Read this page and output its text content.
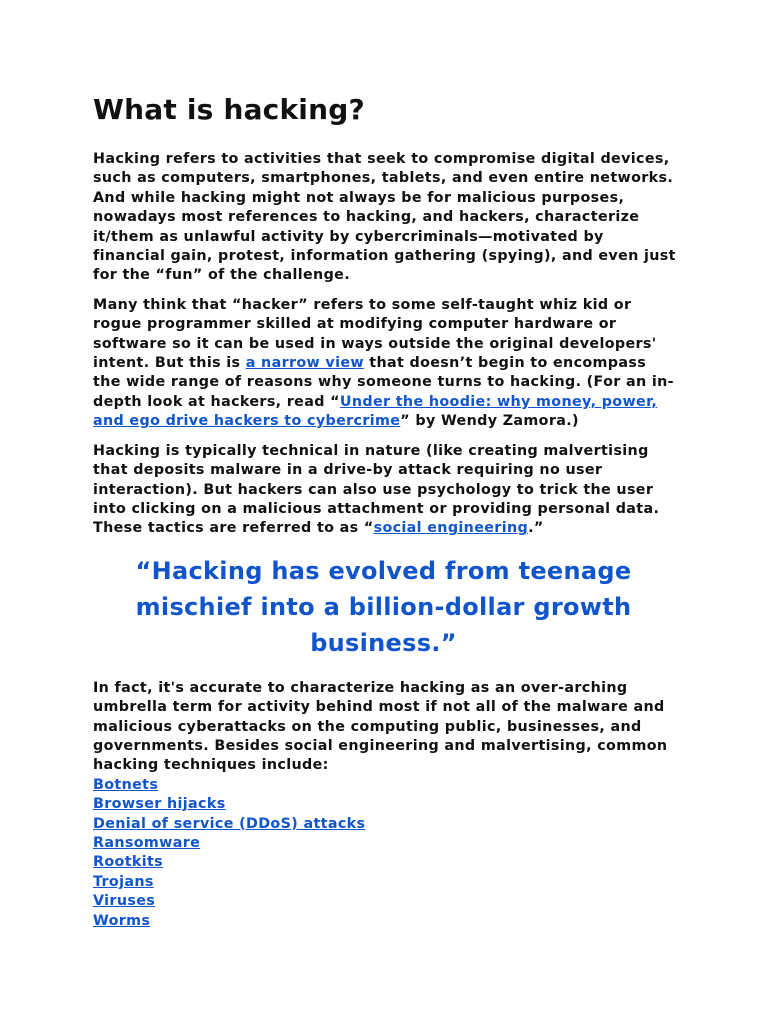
What is hacking?

Hacking refers to activities that seek to compromise digital devices, such as computers, smartphones, tablets, and even entire networks. And while hacking might not always be for malicious purposes, nowadays most references to hacking, and hackers, characterize it/them as unlawful activity by cybercriminals—motivated by financial gain, protest, information gathering (spying), and even just for the “fun” of the challenge.

Many think that “hacker” refers to some self-taught whiz kid or rogue programmer skilled at modifying computer hardware or software so it can be used in ways outside the original developers' intent. But this is a narrow view that doesn’t begin to encompass the wide range of reasons why someone turns to hacking. (For an in-depth look at hackers, read “Under the hoodie: why money, power, and ego drive hackers to cybercrime” by Wendy Zamora.)

Hacking is typically technical in nature (like creating malvertising that deposits malware in a drive-by attack requiring no user interaction). But hackers can also use psychology to trick the user into clicking on a malicious attachment or providing personal data. These tactics are referred to as “social engineering.”

“Hacking has evolved from teenage mischief into a billion-dollar growth business.”

In fact, it's accurate to characterize hacking as an over-arching umbrella term for activity behind most if not all of the malware and malicious cyberattacks on the computing public, businesses, and governments. Besides social engineering and malvertising, common hacking techniques include:

Botnets
Browser hijacks
Denial of service (DDoS) attacks
Ransomware
Rootkits
Trojans
Viruses
Worms
